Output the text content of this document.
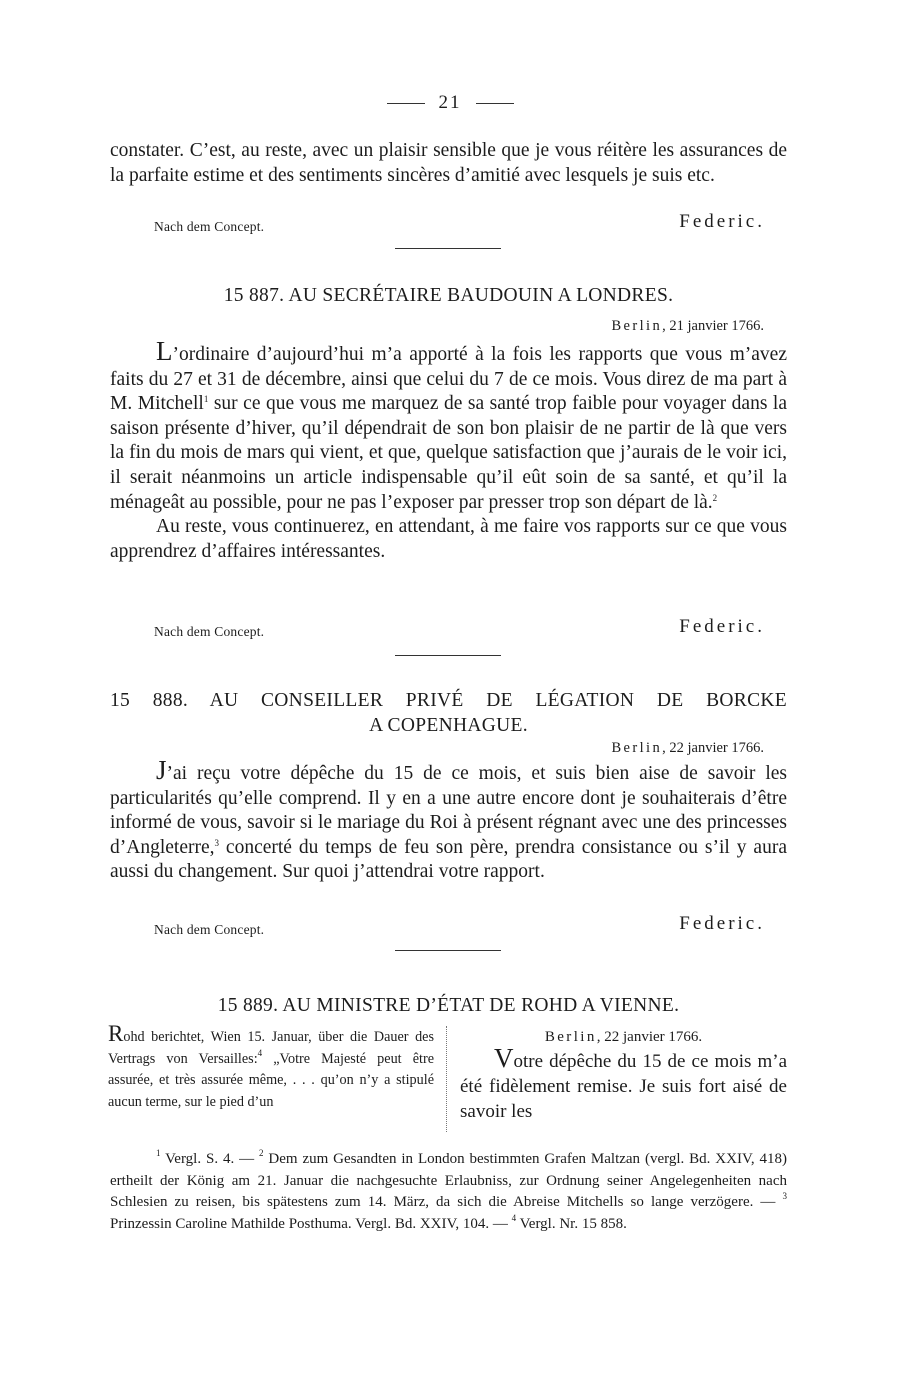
21
constater. C’est, au reste, avec un plaisir sensible que je vous réitère les assurances de la parfaite estime et des sentiments sincères d’amitié avec lesquels je suis etc.
Nach dem Concept.	Federic.
15 887. AU SECRÉTAIRE BAUDOUIN A LONDRES.
Berlin, 21 janvier 1766.
L’ordinaire d’aujourd’hui m’a apporté à la fois les rapports que vous m’avez faits du 27 et 31 de décembre, ainsi que celui du 7 de ce mois. Vous direz de ma part à M. Mitchell$^1$ sur ce que vous me marquez de sa santé trop faible pour voyager dans la saison présente d’hiver, qu’il dépendrait de son bon plaisir de ne partir de là que vers la fin du mois de mars qui vient, et que, quelque satisfaction que j’aurais de le voir ici, il serait néanmoins un article indispensable qu’il eût soin de sa santé, et qu’il la ménageât au possible, pour ne pas l’exposer par presser trop son départ de là.$^2$
Au reste, vous continuerez, en attendant, à me faire vos rapports sur ce que vous apprendrez d’affaires intéressantes.
Nach dem Concept.	Federic.
15 888. AU CONSEILLER PRIVÉ DE LÉGATION DE BORCKE
A COPENHAGUE.
Berlin, 22 janvier 1766.
J’ai reçu votre dépêche du 15 de ce mois, et suis bien aise de savoir les particularités qu’elle comprend. Il y en a une autre encore dont je souhaiterais d’être informé de vous, savoir si le mariage du Roi à présent régnant avec une des princesses d’Angleterre,$^3$ concerté du temps de feu son père, prendra consistance ou s’il y aura aussi du changement. Sur quoi j’attendrai votre rapport.
Nach dem Concept.	Federic.
15 889. AU MINISTRE D’ÉTAT DE ROHD A VIENNE.
Rohd berichtet, Wien 15. Januar, über die Dauer des Vertrags von Versailles:$^4$ „Votre Majesté peut être assurée, et très assurée même, . . . qu’on n’y a stipulé aucun terme, sur le pied d’un
Berlin, 22 janvier 1766.
Votre dépêche du 15 de ce mois m’a été fidèlement remise. Je suis fort aisé de savoir les
$^1$ Vergl. S. 4. — $^2$ Dem zum Gesandten in London bestimmten Grafen Maltzan (vergl. Bd. XXIV, 418) ertheilt der König am 21. Januar die nachgesuchte Erlaubniss, zur Ordnung seiner Angelegenheiten nach Schlesien zu reisen, bis spätestens zum 14. März, da sich die Abreise Mitchells so lange verzögere. — $^3$ Prinzessin Caroline Mathilde Posthuma. Vergl. Bd. XXIV, 104. — $^4$ Vergl. Nr. 15 858.
